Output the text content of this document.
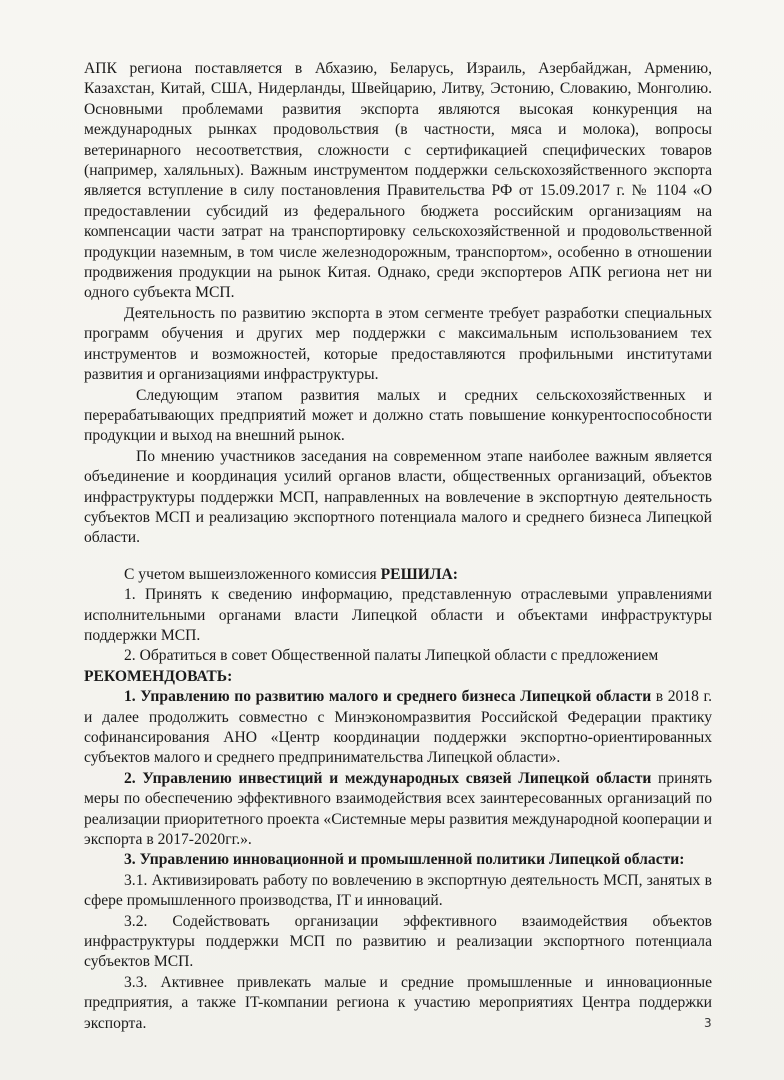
АПК региона поставляется в Абхазию, Беларусь, Израиль, Азербайджан, Армению, Казахстан, Китай, США, Нидерланды, Швейцарию, Литву, Эстонию, Словакию, Монголию. Основными проблемами развития экспорта являются высокая конкуренция на международных рынках продовольствия (в частности, мяса и молока), вопросы ветеринарного несоответствия, сложности с сертификацией специфических товаров (например, халяльных). Важным инструментом поддержки сельскохозяйственного экспорта является вступление в силу постановления Правительства РФ от 15.09.2017 г. № 1104 «О предоставлении субсидий из федерального бюджета российским организациям на компенсации части затрат на транспортировку сельскохозяйственной и продовольственной продукции наземным, в том числе железнодорожным, транспортом», особенно в отношении продвижения продукции на рынок Китая. Однако, среди экспортеров АПК региона нет ни одного субъекта МСП.

Деятельность по развитию экспорта в этом сегменте требует разработки специальных программ обучения и других мер поддержки с максимальным использованием тех инструментов и возможностей, которые предоставляются профильными институтами развития и организациями инфраструктуры.

Следующим этапом развития малых и средних сельскохозяйственных и перерабатывающих предприятий может и должно стать повышение конкурентоспособности продукции и выход на внешний рынок.

По мнению участников заседания на современном этапе наиболее важным является объединение и координация усилий органов власти, общественных организаций, объектов инфраструктуры поддержки МСП, направленных на вовлечение в экспортную деятельность субъектов МСП и реализацию экспортного потенциала малого и среднего бизнеса Липецкой области.

С учетом вышеизложенного комиссия РЕШИЛА:

1. Принять к сведению информацию, представленную отраслевыми управлениями исполнительными органами власти Липецкой области и объектами инфраструктуры поддержки МСП.

2. Обратиться в совет Общественной палаты Липецкой области с предложением

РЕКОМЕНДОВАТЬ:

1. Управлению по развитию малого и среднего бизнеса Липецкой области в 2018 г. и далее продолжить совместно с Минэкономразвития Российской Федерации практику софинансирования АНО «Центр координации поддержки экспортно-ориентированных субъектов малого и среднего предпринимательства Липецкой области».

2. Управлению инвестиций и международных связей Липецкой области принять меры по обеспечению эффективного взаимодействия всех заинтересованных организаций по реализации приоритетного проекта «Системные меры развития международной кооперации и экспорта в 2017-2020гг.».

3. Управлению инновационной и промышленной политики Липецкой области:

3.1. Активизировать работу по вовлечению в экспортную деятельность МСП, занятых в сфере промышленного производства, IT и инноваций.

3.2. Содействовать организации эффективного взаимодействия объектов инфраструктуры поддержки МСП по развитию и реализации экспортного потенциала субъектов МСП.

3.3. Активнее привлекать малые и средние промышленные и инновационные предприятия, а также IT-компании региона к участию мероприятиях Центра поддержки экспорта.	3
